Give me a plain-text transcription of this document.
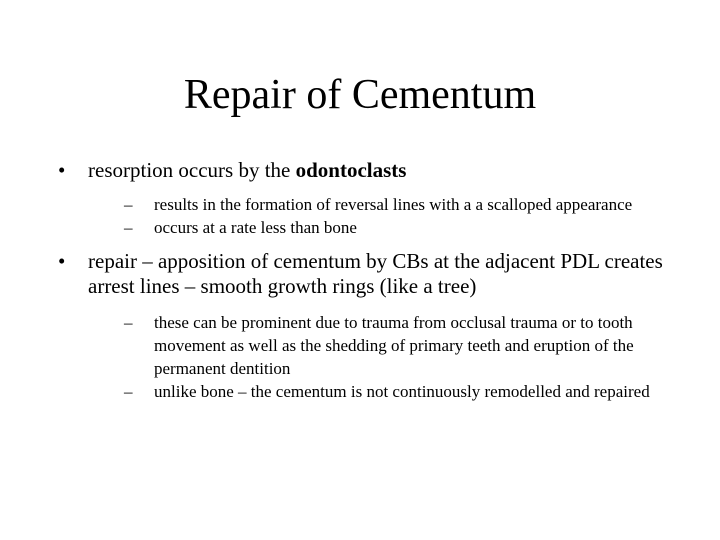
Repair of Cementum
•	resorption occurs by the odontoclasts
–	results in the formation of reversal lines with a a scalloped appearance
–	occurs at a rate less than bone
•	repair – apposition of cementum by CBs at the adjacent PDL creates arrest lines – smooth growth rings (like a tree)
–	these can be prominent due to trauma from occlusal trauma or to tooth movement as well as the shedding of primary teeth and eruption of the permanent dentition
–	unlike bone – the cementum is not continuously remodelled and repaired
